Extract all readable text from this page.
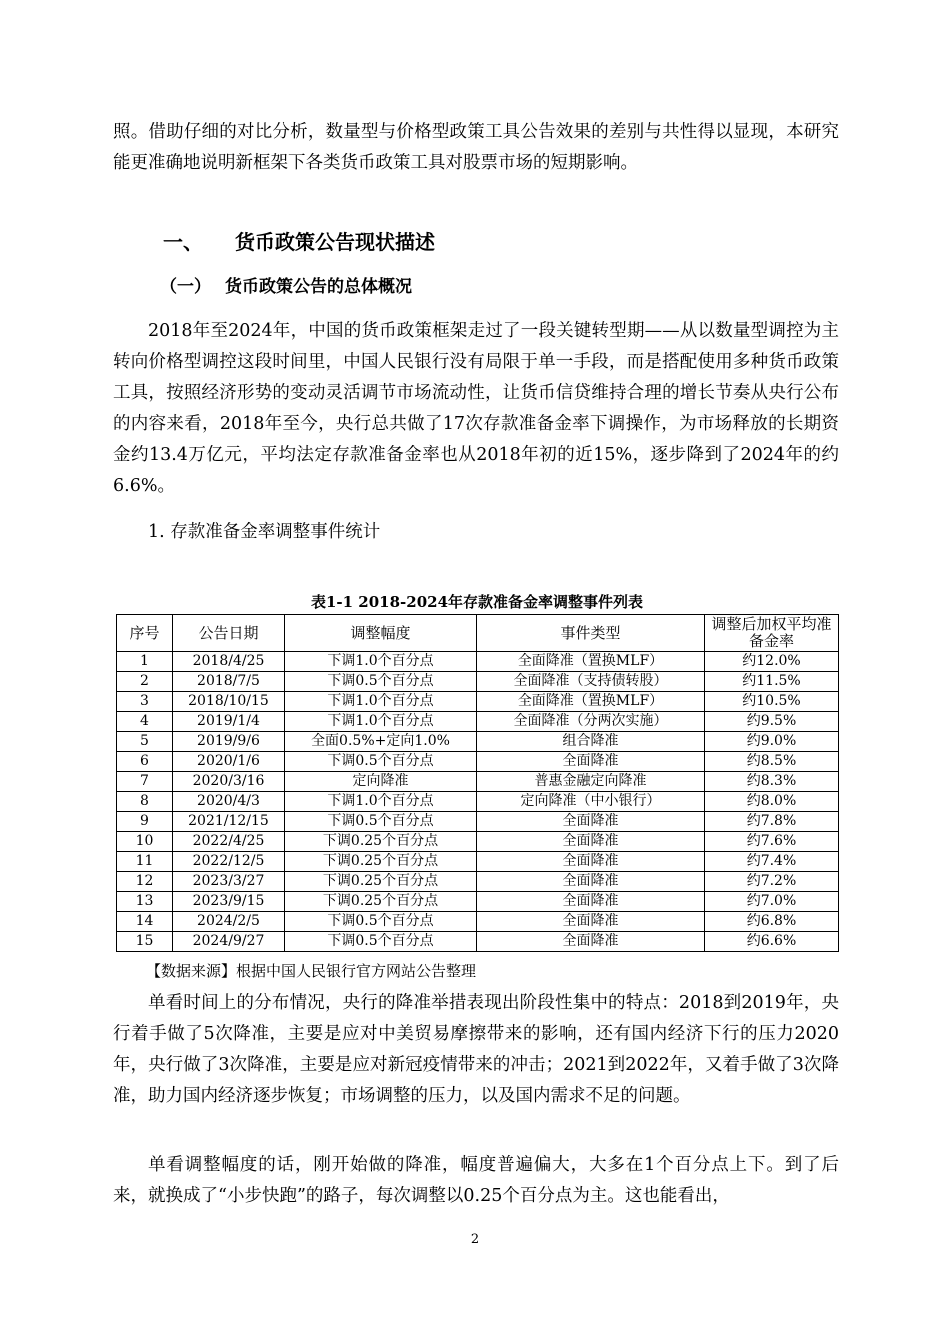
照。借助仔细的对比分析，数量型与价格型政策工具公告效果的差别与共性得以显现，本研究能更准确地说明新框架下各类货币政策工具对股票市场的短期影响。

一、 货币政策公告现状描述

（一） 货币政策公告的总体概况

2018年至2024年，中国的货币政策框架走过了一段关键转型期——从以数量型调控为主转向价格型调控这段时间里，中国人民银行没有局限于单一手段，而是搭配使用多种货币政策工具，按照经济形势的变动灵活调节市场流动性，让货币信贷维持合理的增长节奏从央行公布的内容来看，2018年至今，央行总共做了17次存款准备金率下调操作，为市场释放的长期资金约13.4万亿元，平均法定存款准备金率也从2018年初的近15%，逐步降到了2024年的约6.6%。

1. 存款准备金率调整事件统计

表1-1 2018-2024年存款准备金率调整事件列表

序号	公告日期	调整幅度	事件类型	调整后加权平均准备金率
1	2018/4/25	下调1.0个百分点	全面降准（置换MLF）	约12.0%
2	2018/7/5	下调0.5个百分点	全面降准（支持债转股）	约11.5%
3	2018/10/15	下调1.0个百分点	全面降准（置换MLF）	约10.5%
4	2019/1/4	下调1.0个百分点	全面降准（分两次实施）	约9.5%
5	2019/9/6	全面0.5%+定向1.0%	组合降准	约9.0%
6	2020/1/6	下调0.5个百分点	全面降准	约8.5%
7	2020/3/16	定向降准	普惠金融定向降准	约8.3%
8	2020/4/3	下调1.0个百分点	定向降准（中小银行）	约8.0%
9	2021/12/15	下调0.5个百分点	全面降准	约7.8%
10	2022/4/25	下调0.25个百分点	全面降准	约7.6%
11	2022/12/5	下调0.25个百分点	全面降准	约7.4%
12	2023/3/27	下调0.25个百分点	全面降准	约7.2%
13	2023/9/15	下调0.25个百分点	全面降准	约7.0%
14	2024/2/5	下调0.5个百分点	全面降准	约6.8%
15	2024/9/27	下调0.5个百分点	全面降准	约6.6%

【数据来源】根据中国人民银行官方网站公告整理

单看时间上的分布情况，央行的降准举措表现出阶段性集中的特点：2018到2019年，央行着手做了5次降准，主要是应对中美贸易摩擦带来的影响，还有国内经济下行的压力2020年，央行做了3次降准，主要是应对新冠疫情带来的冲击；2021到2022年，又着手做了3次降准，助力国内经济逐步恢复；市场调整的压力，以及国内需求不足的问题。

单看调整幅度的话，刚开始做的降准，幅度普遍偏大，大多在1个百分点上下。到了后来，就换成了“小步快跑”的路子，每次调整以0.25个百分点为主。这也能看出，

2
